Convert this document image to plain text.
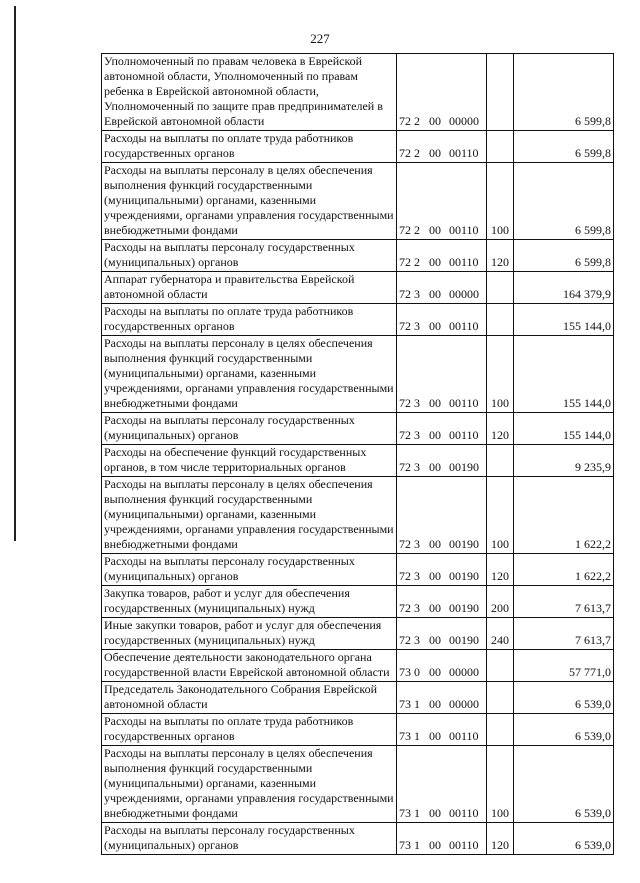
227
Уполномоченный по правам человека в Еврейской автономной области, Уполномоченный по правам ребенка в Еврейской автономной области, Уполномоченный по защите прав предпринимателей в Еврейской автономной области	72 2 00 00000		6 599,8
Расходы на выплаты по оплате труда работников государственных органов	72 2 00 00110		6 599,8
Расходы на выплаты персоналу в целях обеспечения выполнения функций государственными (муниципальными) органами, казенными учреждениями, органами управления государственными внебюджетными фондами	72 2 00 00110	100	6 599,8
Расходы на выплаты персоналу государственных (муниципальных) органов	72 2 00 00110	120	6 599,8
Аппарат губернатора и правительства Еврейской автономной области	72 3 00 00000		164 379,9
Расходы на выплаты по оплате труда работников государственных органов	72 3 00 00110		155 144,0
Расходы на выплаты персоналу в целях обеспечения выполнения функций государственными (муниципальными) органами, казенными учреждениями, органами управления государственными внебюджетными фондами	72 3 00 00110	100	155 144,0
Расходы на выплаты персоналу государственных (муниципальных) органов	72 3 00 00110	120	155 144,0
Расходы на обеспечение функций государственных органов, в том числе территориальных органов	72 3 00 00190		9 235,9
Расходы на выплаты персоналу в целях обеспечения выполнения функций государственными (муниципальными) органами, казенными учреждениями, органами управления государственными внебюджетными фондами	72 3 00 00190	100	1 622,2
Расходы на выплаты персоналу государственных (муниципальных) органов	72 3 00 00190	120	1 622,2
Закупка товаров, работ и услуг для обеспечения государственных (муниципальных) нужд	72 3 00 00190	200	7 613,7
Иные закупки товаров, работ и услуг для обеспечения государственных (муниципальных) нужд	72 3 00 00190	240	7 613,7
Обеспечение деятельности законодательного органа государственной власти Еврейской автономной области	73 0 00 00000		57 771,0
Председатель Законодательного Собрания Еврейской автономной области	73 1 00 00000		6 539,0
Расходы на выплаты по оплате труда работников государственных органов	73 1 00 00110		6 539,0
Расходы на выплаты персоналу в целях обеспечения выполнения функций государственными (муниципальными) органами, казенными учреждениями, органами управления государственными внебюджетными фондами	73 1 00 00110	100	6 539,0
Расходы на выплаты персоналу государственных (муниципальных) органов	73 1 00 00110	120	6 539,0
